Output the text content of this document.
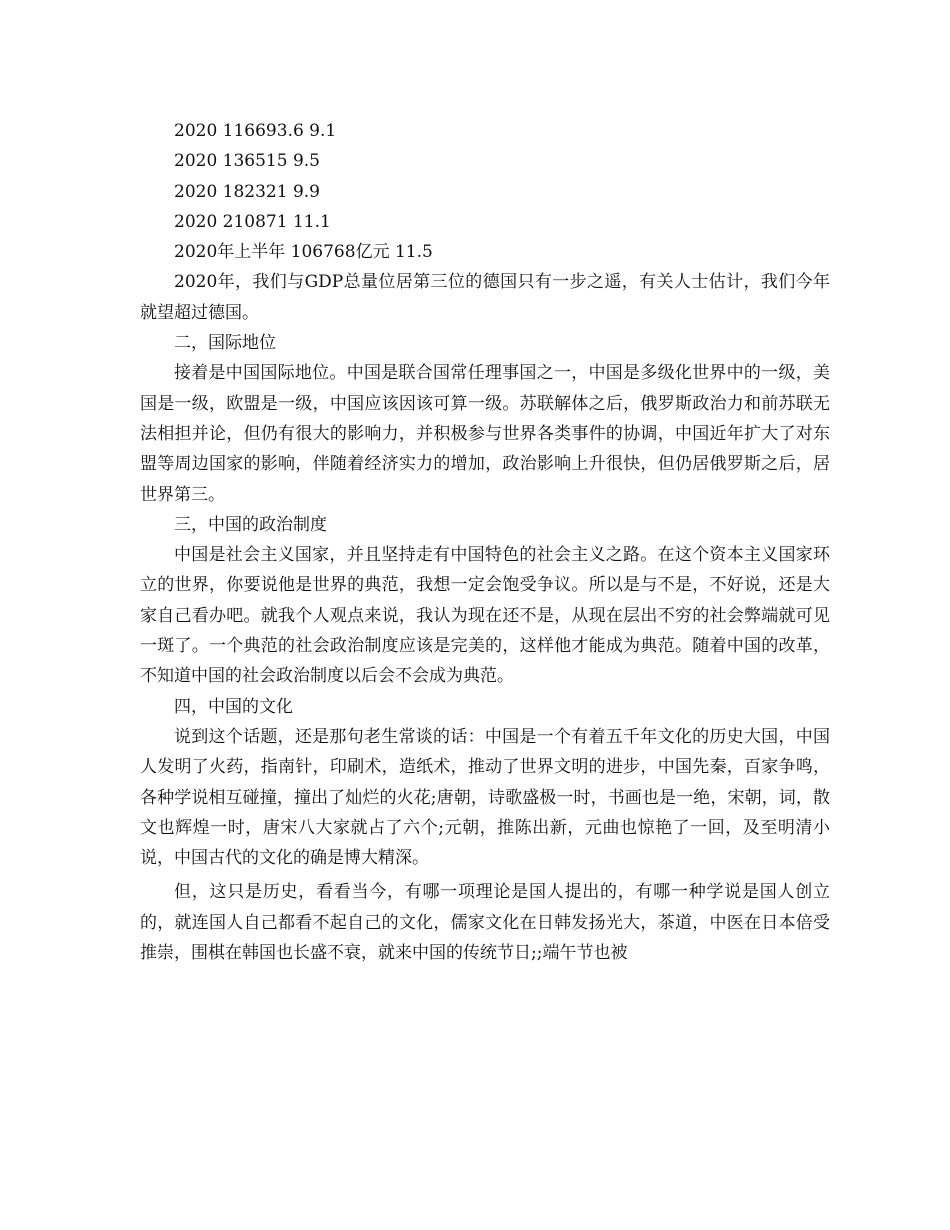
2020 116693.6 9.1

2020 136515 9.5

2020 182321 9.9

2020 210871 11.1

2020年上半年 106768亿元 11.5

2020年，我们与GDP总量位居第三位的德国只有一步之遥，有关人士估计，我们今年就望超过德国。

二，国际地位

接着是中国国际地位。中国是联合国常任理事国之一，中国是多级化世界中的一级，美国是一级，欧盟是一级，中国应该因该可算一级。苏联解体之后，俄罗斯政治力和前苏联无法相担并论，但仍有很大的影响力，并积极参与世界各类事件的协调，中国近年扩大了对东盟等周边国家的影响，伴随着经济实力的增加，政治影响上升很快，但仍居俄罗斯之后，居世界第三。

三，中国的政治制度

中国是社会主义国家，并且坚持走有中国特色的社会主义之路。在这个资本主义国家环立的世界，你要说他是世界的典范，我想一定会饱受争议。所以是与不是，不好说，还是大家自己看办吧。就我个人观点来说，我认为现在还不是，从现在层出不穷的社会弊端就可见一斑了。一个典范的社会政治制度应该是完美的，这样他才能成为典范。随着中国的改革，不知道中国的社会政治制度以后会不会成为典范。

四，中国的文化

说到这个话题，还是那句老生常谈的话：中国是一个有着五千年文化的历史大国，中国人发明了火药，指南针，印刷术，造纸术，推动了世界文明的进步，中国先秦，百家争鸣，各种学说相互碰撞，撞出了灿烂的火花;唐朝，诗歌盛极一时，书画也是一绝，宋朝，词，散文也辉煌一时，唐宋八大家就占了六个;元朝，推陈出新，元曲也惊艳了一回，及至明清小说，中国古代的文化的确是博大精深。

但，这只是历史，看看当今，有哪一项理论是国人提出的，有哪一种学说是国人创立的，就连国人自己都看不起自己的文化，儒家文化在日韩发扬光大，茶道，中医在日本倍受推崇，围棋在韩国也长盛不衰，就来中国的传统节日;;端午节也被
